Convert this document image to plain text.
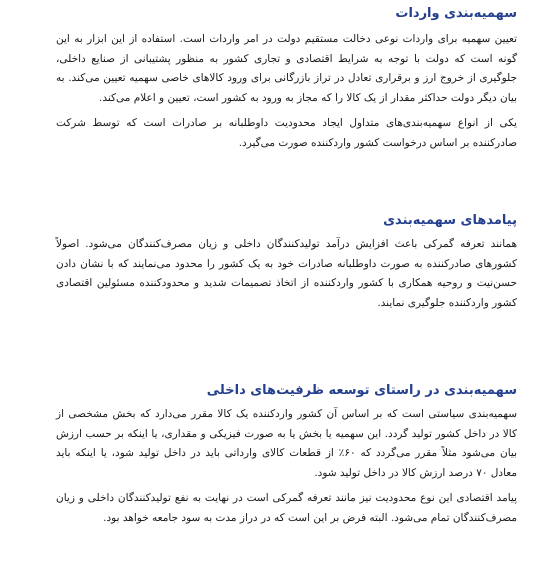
سهمیه‌بندی واردات

تعیین سهمیه برای واردات نوعی دخالت مستقیم دولت در امر واردات است. استفاده از این ابزار به این گونه است که دولت با توجه به شرایط اقتصادی و تجاری کشور به منظور پشتیبانی از صنایع داخلی، جلوگیری از خروج ارز و برقراری تعادل در تراز بازرگانی برای ورود کالاهای خاصی سهمیه تعیین می‌کند. به بیان دیگر دولت حداکثر مقدار از یک کالا را که مجاز به ورود به کشور است، تعیین و اعلام می‌کند.

یکی از انواع سهمیه‌بندی‌های متداول ایجاد محدودیت داوطلبانه بر صادرات است که توسط شرکت صادرکننده بر اساس درخواست کشور واردکننده صورت می‌گیرد.

پیامدهای سهمیه‌بندی

همانند تعرفه گمرکی باعث افزایش درآمد تولیدکنندگان داخلی و زیان مصرف‌کنندگان می‌شود. اصولاً کشورهای صادرکننده به صورت داوطلبانه صادرات خود به یک کشور را محدود می‌نمایند که با نشان دادن حسن‌نیت و روحیه همکاری با کشور واردکننده از اتخاذ تصمیمات شدید و محدودکننده مسئولین اقتصادی کشور واردکننده جلوگیری نمایند.

سهمیه‌بندی در راستای توسعه ظرفیت‌های داخلی

سهمیه‌بندی سیاستی است که بر اساس آن کشور واردکننده یک کالا مقرر می‌دارد که بخش مشخصی از کالا در داخل کشور تولید گردد. این سهمیه یا بخش یا به صورت فیزیکی و مقداری، یا اینکه بر حسب ارزش بیان می‌شود مثلاً مقرر می‌گردد که ۶۰٪ از قطعات کالای وارداتی باید در داخل تولید شود، یا اینکه باید معادل ۷۰ درصد ارزش کالا در داخل تولید شود.

پیامد اقتصادی این نوع محدودیت نیز مانند تعرفه گمرکی است در نهایت به نفع تولیدکنندگان داخلی و زیان مصرف‌کنندگان تمام می‌شود. البته فرض بر این است که در دراز مدت به سود جامعه خواهد بود.
